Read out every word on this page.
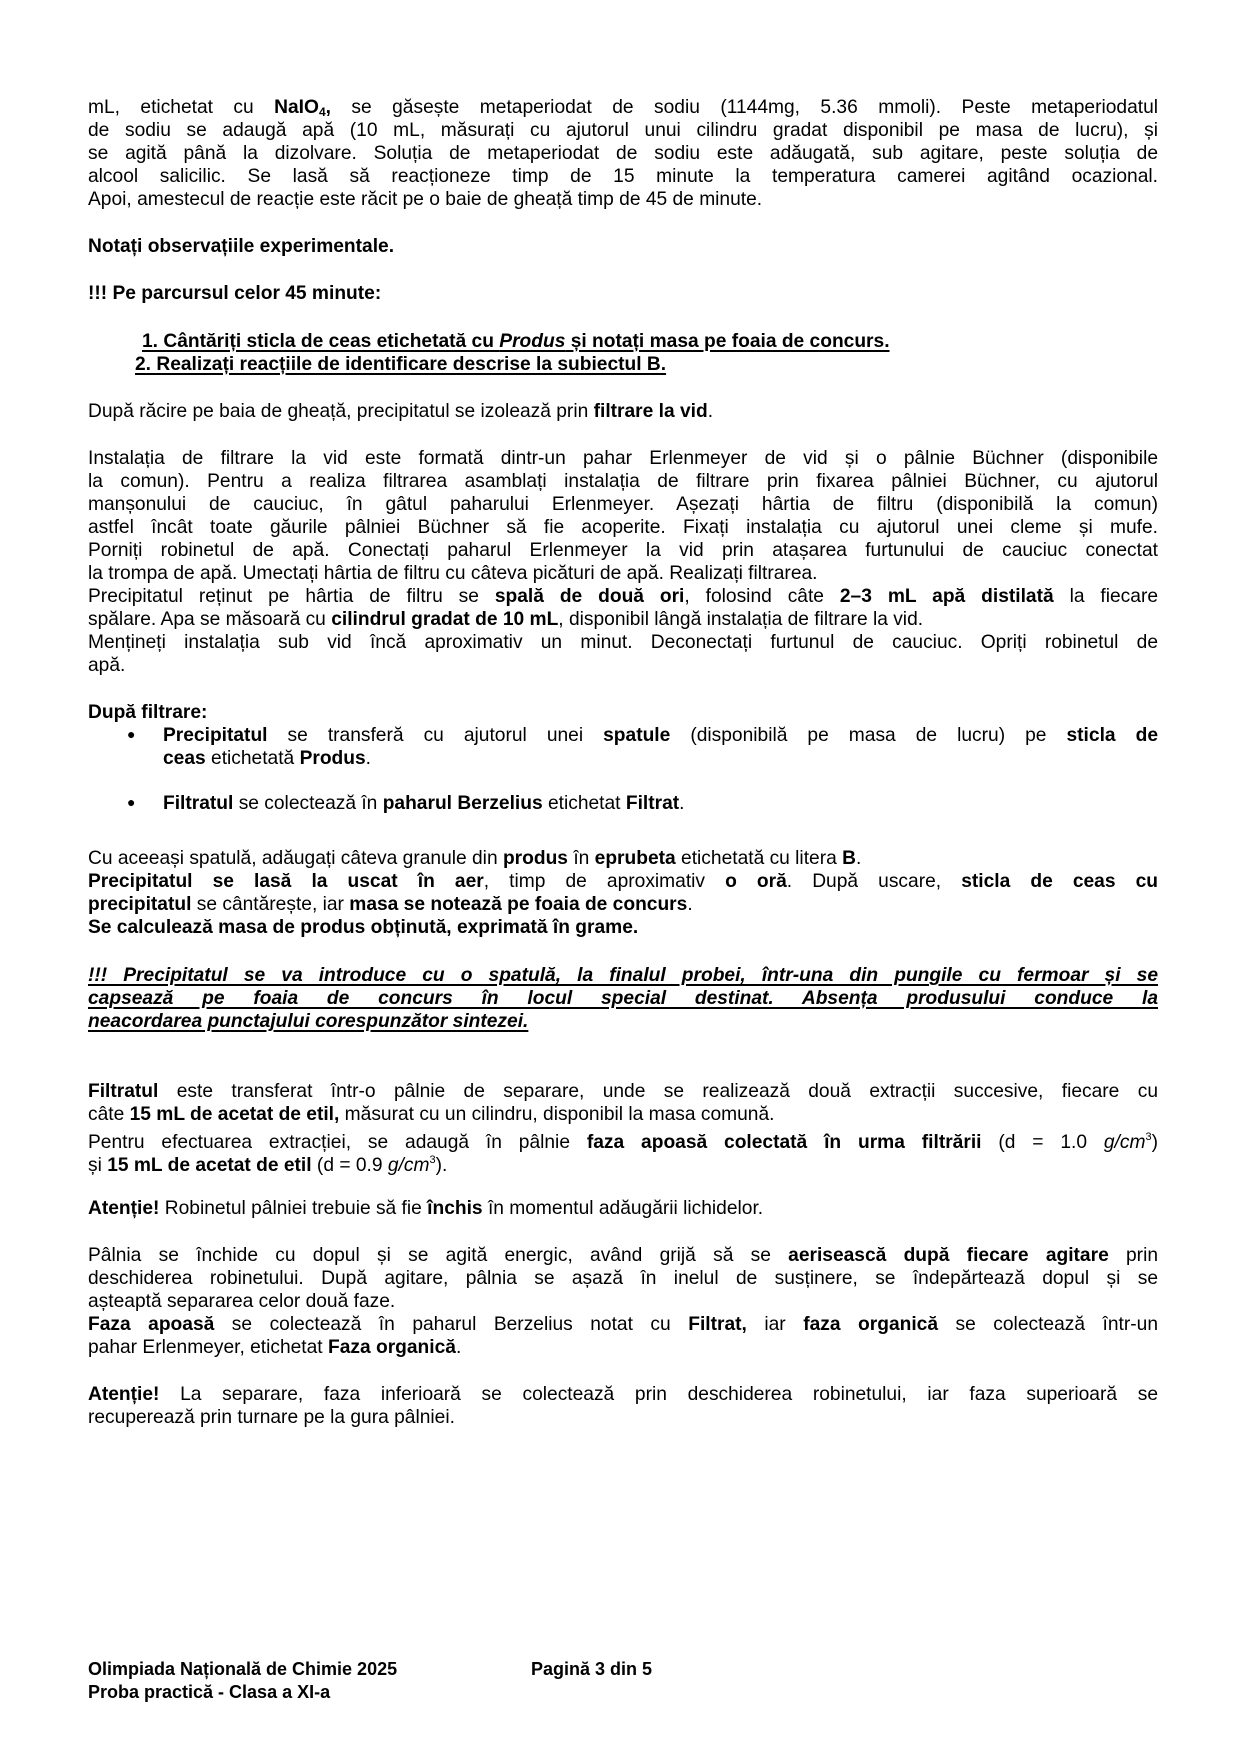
mL, etichetat cu NaIO$_4$, se găsește metaperiodat de sodiu (1144mg, 5.36 mmoli). Peste metaperiodatul
de sodiu se adaugă apă (10 mL, măsurați cu ajutorul unui cilindru gradat disponibil pe masa de lucru), și
se agită până la dizolvare. Soluția de metaperiodat de sodiu este adăugată, sub agitare, peste soluția de
alcool salicilic. Se lasă să reacționeze timp de 15 minute la temperatura camerei agitând ocazional.
Apoi, amestecul de reacție este răcit pe o baie de gheață timp de 45 de minute.
Notați observațiile experimentale.
!!! Pe parcursul celor 45 minute:
1. Cântăriți sticla de ceas etichetată cu Produs și notați masa pe foaia de concurs.
2. Realizați reacțiile de identificare descrise la subiectul B.
După răcire pe baia de gheață, precipitatul se izolează prin filtrare la vid.
Instalația de filtrare la vid este formată dintr-un pahar Erlenmeyer de vid și o pâlnie Büchner (disponibile
la comun). Pentru a realiza filtrarea asamblați instalația de filtrare prin fixarea pâlniei Büchner, cu ajutorul
manșonului de cauciuc, în gâtul paharului Erlenmeyer. Așezați hârtia de filtru (disponibilă la comun)
astfel încât toate găurile pâlniei Büchner să fie acoperite. Fixați instalația cu ajutorul unei cleme și mufe.
Porniți robinetul de apă. Conectați paharul Erlenmeyer la vid prin atașarea furtunului de cauciuc conectat
la trompa de apă. Umectați hârtia de filtru cu câteva picături de apă. Realizați filtrarea.
Precipitatul reținut pe hârtia de filtru se spală de două ori, folosind câte 2–3 mL apă distilată la fiecare
spălare. Apa se măsoară cu cilindrul gradat de 10 mL, disponibil lângă instalația de filtrare la vid.
Mențineți instalația sub vid încă aproximativ un minut. Deconectați furtunul de cauciuc. Opriți robinetul de
apă.
După filtrare:
● Precipitatul se transferă cu ajutorul unei spatule (disponibilă pe masa de lucru) pe sticla de
ceas etichetată Produs.
● Filtratul se colectează în paharul Berzelius etichetat Filtrat.
Cu aceeași spatulă, adăugați câteva granule din produs în eprubeta etichetată cu litera B.
Precipitatul se lasă la uscat în aer, timp de aproximativ o oră. După uscare, sticla de ceas cu
precipitatul se cântărește, iar masa se notează pe foaia de concurs.
Se calculează masa de produs obținută, exprimată în grame.
!!! Precipitatul se va introduce cu o spatulă, la finalul probei, într-una din pungile cu fermoar și se
capsează pe foaia de concurs în locul special destinat. Absența produsului conduce la
neacordarea punctajului corespunzător sintezei.
Filtratul este transferat într-o pâlnie de separare, unde se realizează două extracții succesive, fiecare cu
câte 15 mL de acetat de etil, măsurat cu un cilindru, disponibil la masa comună.
Pentru efectuarea extracției, se adaugă în pâlnie faza apoasă colectată în urma filtrării (d = 1.0 $g/cm^3$)
și 15 mL de acetat de etil (d = 0.9 $g/cm^3$).
Atenție! Robinetul pâlniei trebuie să fie închis în momentul adăugării lichidelor.
Pâlnia se închide cu dopul și se agită energic, având grijă să se aerisească după fiecare agitare prin
deschiderea robinetului. După agitare, pâlnia se așază în inelul de susținere, se îndepărtează dopul și se
așteaptă separarea celor două faze.
Faza apoasă se colectează în paharul Berzelius notat cu Filtrat, iar faza organică se colectează într-un
pahar Erlenmeyer, etichetat Faza organică.
Atenție! La separare, faza inferioară se colectează prin deschiderea robinetului, iar faza superioară se
recuperează prin turnare pe la gura pâlniei.
Olimpiada Națională de Chimie 2025	Pagină 3 din 5
Proba practică - Clasa a XI-a
